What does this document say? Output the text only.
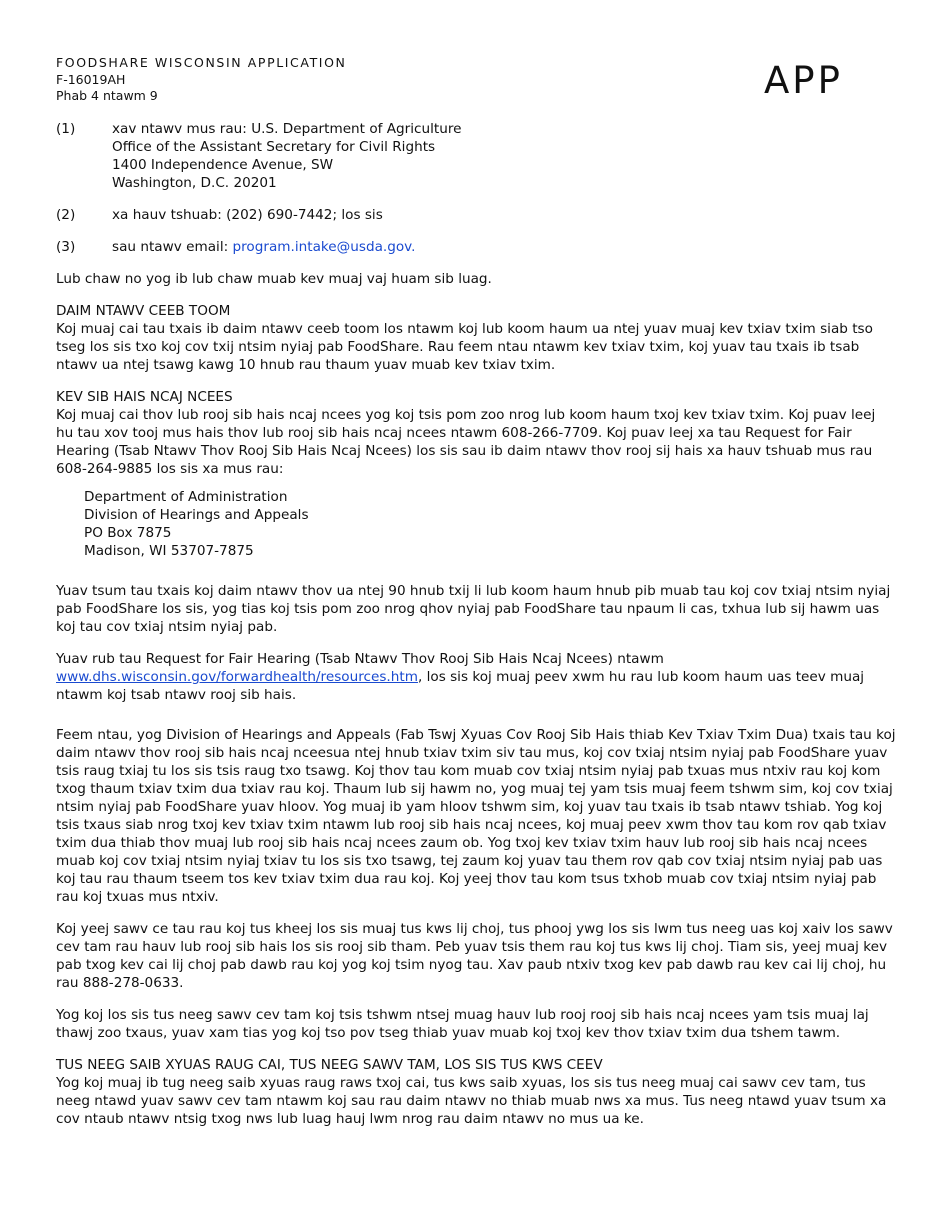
FOODSHARE WISCONSIN APPLICATION
F-16019AH
Phab 4 ntawm 9	APP
(1)	xav ntawv mus rau: U.S. Department of Agriculture
Office of the Assistant Secretary for Civil Rights
1400 Independence Avenue, SW
Washington, D.C. 20201
(2)	xa hauv tshuab: (202) 690-7442; los sis
(3)	sau ntawv email: program.intake@usda.gov.

Lub chaw no yog ib lub chaw muab kev muaj vaj huam sib luag.

DAIM NTAWV CEEB TOOM

Koj muaj cai tau txais ib daim ntawv ceeb toom los ntawm koj lub koom haum ua ntej yuav muaj kev txiav txim siab tso tseg los sis txo koj cov txij ntsim nyiaj pab FoodShare. Rau feem ntau ntawm kev txiav txim, koj yuav tau txais ib tsab ntawv ua ntej tsawg kawg 10 hnub rau thaum yuav muab kev txiav txim.

KEV SIB HAIS NCAJ NCEES

Koj muaj cai thov lub rooj sib hais ncaj ncees yog koj tsis pom zoo nrog lub koom haum txoj kev txiav txim. Koj puav leej hu tau xov tooj mus hais thov lub rooj sib hais ncaj ncees ntawm 608-266-7709. Koj puav leej xa tau Request for Fair Hearing (Tsab Ntawv Thov Rooj Sib Hais Ncaj Ncees) los sis sau ib daim ntawv thov rooj sij hais xa hauv tshuab mus rau 608-264-9885 los sis xa mus rau:

Department of Administration
Division of Hearings and Appeals
PO Box 7875
Madison, WI 53707-7875

Yuav tsum tau txais koj daim ntawv thov ua ntej 90 hnub txij li lub koom haum hnub pib muab tau koj cov txiaj ntsim nyiaj pab FoodShare los sis, yog tias koj tsis pom zoo nrog qhov nyiaj pab FoodShare tau npaum li cas, txhua lub sij hawm uas koj tau cov txiaj ntsim nyiaj pab.

Yuav rub tau Request for Fair Hearing (Tsab Ntawv Thov Rooj Sib Hais Ncaj Ncees) ntawm
www.dhs.wisconsin.gov/forwardhealth/resources.htm, los sis koj muaj peev xwm hu rau lub koom haum uas teev muaj ntawm koj tsab ntawv rooj sib hais.

Feem ntau, yog Division of Hearings and Appeals (Fab Tswj Xyuas Cov Rooj Sib Hais thiab Kev Txiav Txim Dua) txais tau koj daim ntawv thov rooj sib hais ncaj nceesua ntej hnub txiav txim siv tau mus, koj cov txiaj ntsim nyiaj pab FoodShare yuav tsis raug txiaj tu los sis tsis raug txo tsawg. Koj thov tau kom muab cov txiaj ntsim nyiaj pab txuas mus ntxiv rau koj kom txog thaum txiav txim dua txiav rau koj. Thaum lub sij hawm no, yog muaj tej yam tsis muaj feem tshwm sim, koj cov txiaj ntsim nyiaj pab FoodShare yuav hloov. Yog muaj ib yam hloov tshwm sim, koj yuav tau txais ib tsab ntawv tshiab. Yog koj tsis txaus siab nrog txoj kev txiav txim ntawm lub rooj sib hais ncaj ncees, koj muaj peev xwm thov tau kom rov qab txiav txim dua thiab thov muaj lub rooj sib hais ncaj ncees zaum ob. Yog txoj kev txiav txim hauv lub rooj sib hais ncaj ncees muab koj cov txiaj ntsim nyiaj txiav tu los sis txo tsawg, tej zaum koj yuav tau them rov qab cov txiaj ntsim nyiaj pab uas koj tau rau thaum tseem tos kev txiav txim dua rau koj. Koj yeej thov tau kom tsus txhob muab cov txiaj ntsim nyiaj pab rau koj txuas mus ntxiv.

Koj yeej sawv ce tau rau koj tus kheej los sis muaj tus kws lij choj, tus phooj ywg los sis lwm tus neeg uas koj xaiv los sawv cev tam rau hauv lub rooj sib hais los sis rooj sib tham. Peb yuav tsis them rau koj tus kws lij choj. Tiam sis, yeej muaj kev pab txog kev cai lij choj pab dawb rau koj yog koj tsim nyog tau. Xav paub ntxiv txog kev pab dawb rau kev cai lij choj, hu rau 888-278-0633.

Yog koj los sis tus neeg sawv cev tam koj tsis tshwm ntsej muag hauv lub rooj rooj sib hais ncaj ncees yam tsis muaj laj thawj zoo txaus, yuav xam tias yog koj tso pov tseg thiab yuav muab koj txoj kev thov txiav txim dua tshem tawm.

TUS NEEG SAIB XYUAS RAUG CAI, TUS NEEG SAWV TAM, LOS SIS TUS KWS CEEV

Yog koj muaj ib tug neeg saib xyuas raug raws txoj cai, tus kws saib xyuas, los sis tus neeg muaj cai sawv cev tam, tus neeg ntawd yuav sawv cev tam ntawm koj sau rau daim ntawv no thiab muab nws xa mus. Tus neeg ntawd yuav tsum xa cov ntaub ntawv ntsig txog nws lub luag hauj lwm nrog rau daim ntawv no mus ua ke.
